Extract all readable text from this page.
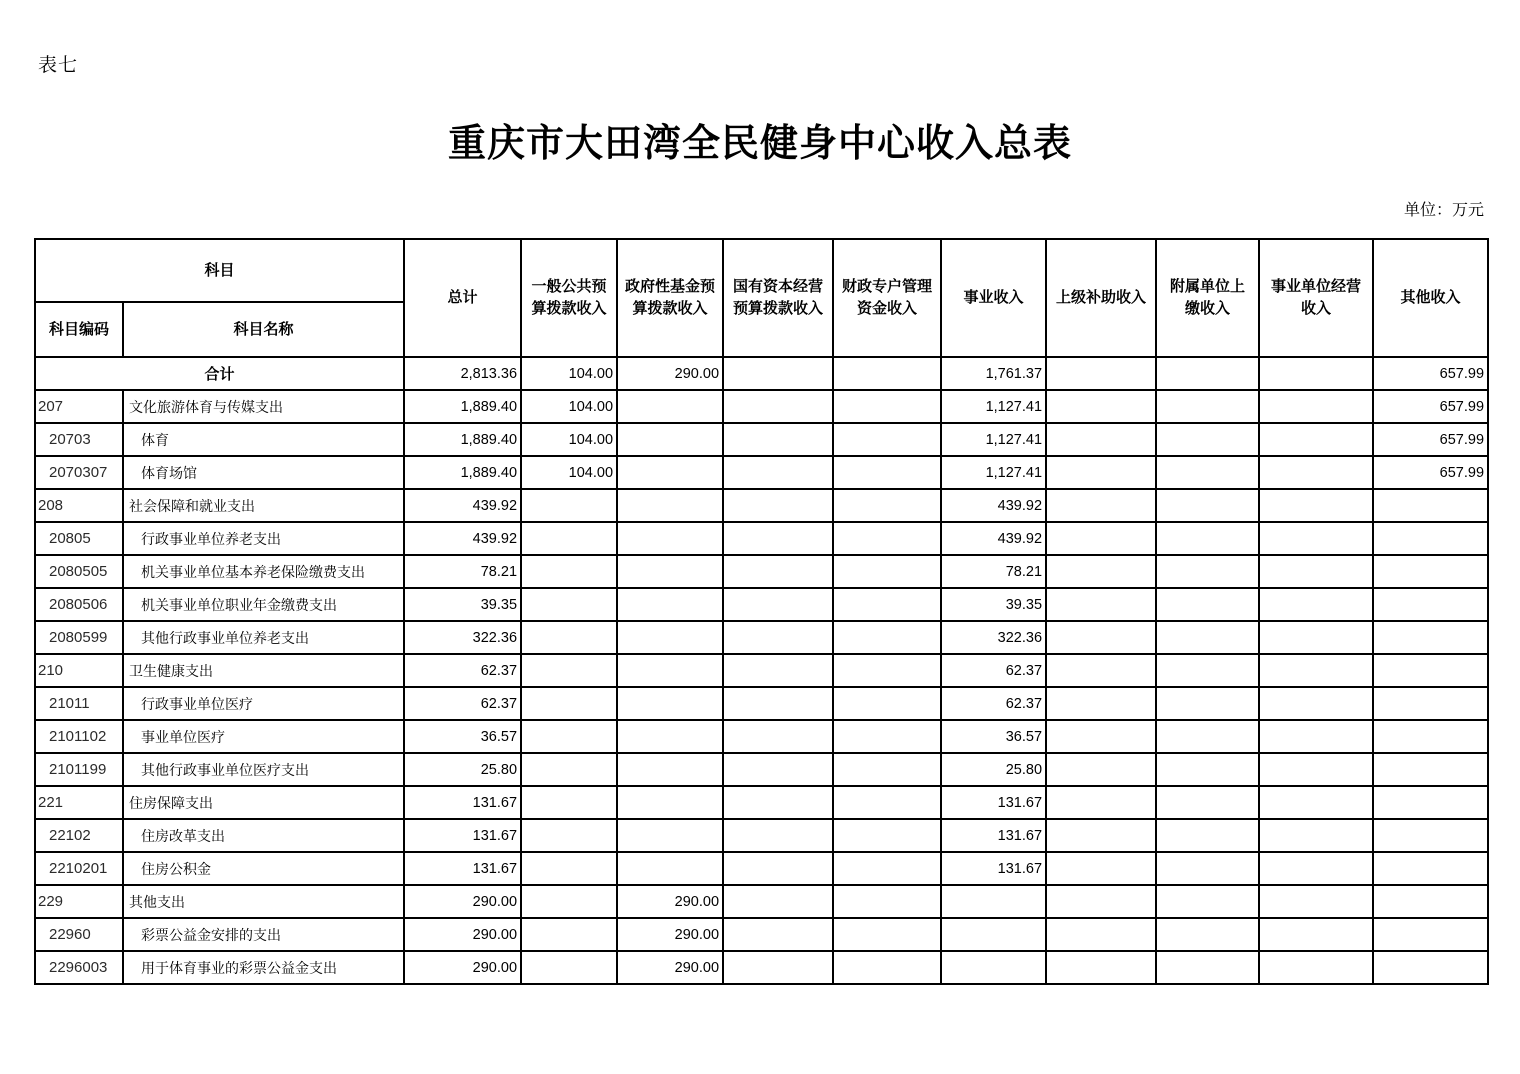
表七
重庆市大田湾全民健身中心收入总表
单位：万元
科目		总计	一般公共预算拨款收入	政府性基金预算拨款收入	国有资本经营预算拨款收入	财政专户管理资金收入	事业收入	上级补助收入	附属单位上缴收入	事业单位经营收入	其他收入
科目编码	科目名称										
合计		2,813.36	104.00	290.00			1,761.37				657.99
207	文化旅游体育与传媒支出	1,889.40	104.00				1,127.41				657.99
20703	体育	1,889.40	104.00				1,127.41				657.99
2070307	体育场馆	1,889.40	104.00				1,127.41				657.99
208	社会保障和就业支出	439.92					439.92				
20805	行政事业单位养老支出	439.92					439.92				
2080505	机关事业单位基本养老保险缴费支出	78.21					78.21				
2080506	机关事业单位职业年金缴费支出	39.35					39.35				
2080599	其他行政事业单位养老支出	322.36					322.36				
210	卫生健康支出	62.37					62.37				
21011	行政事业单位医疗	62.37					62.37				
2101102	事业单位医疗	36.57					36.57				
2101199	其他行政事业单位医疗支出	25.80					25.80				
221	住房保障支出	131.67					131.67				
22102	住房改革支出	131.67					131.67				
2210201	住房公积金	131.67					131.67				
229	其他支出	290.00		290.00							
22960	彩票公益金安排的支出	290.00		290.00							
2296003	用于体育事业的彩票公益金支出	290.00		290.00							
